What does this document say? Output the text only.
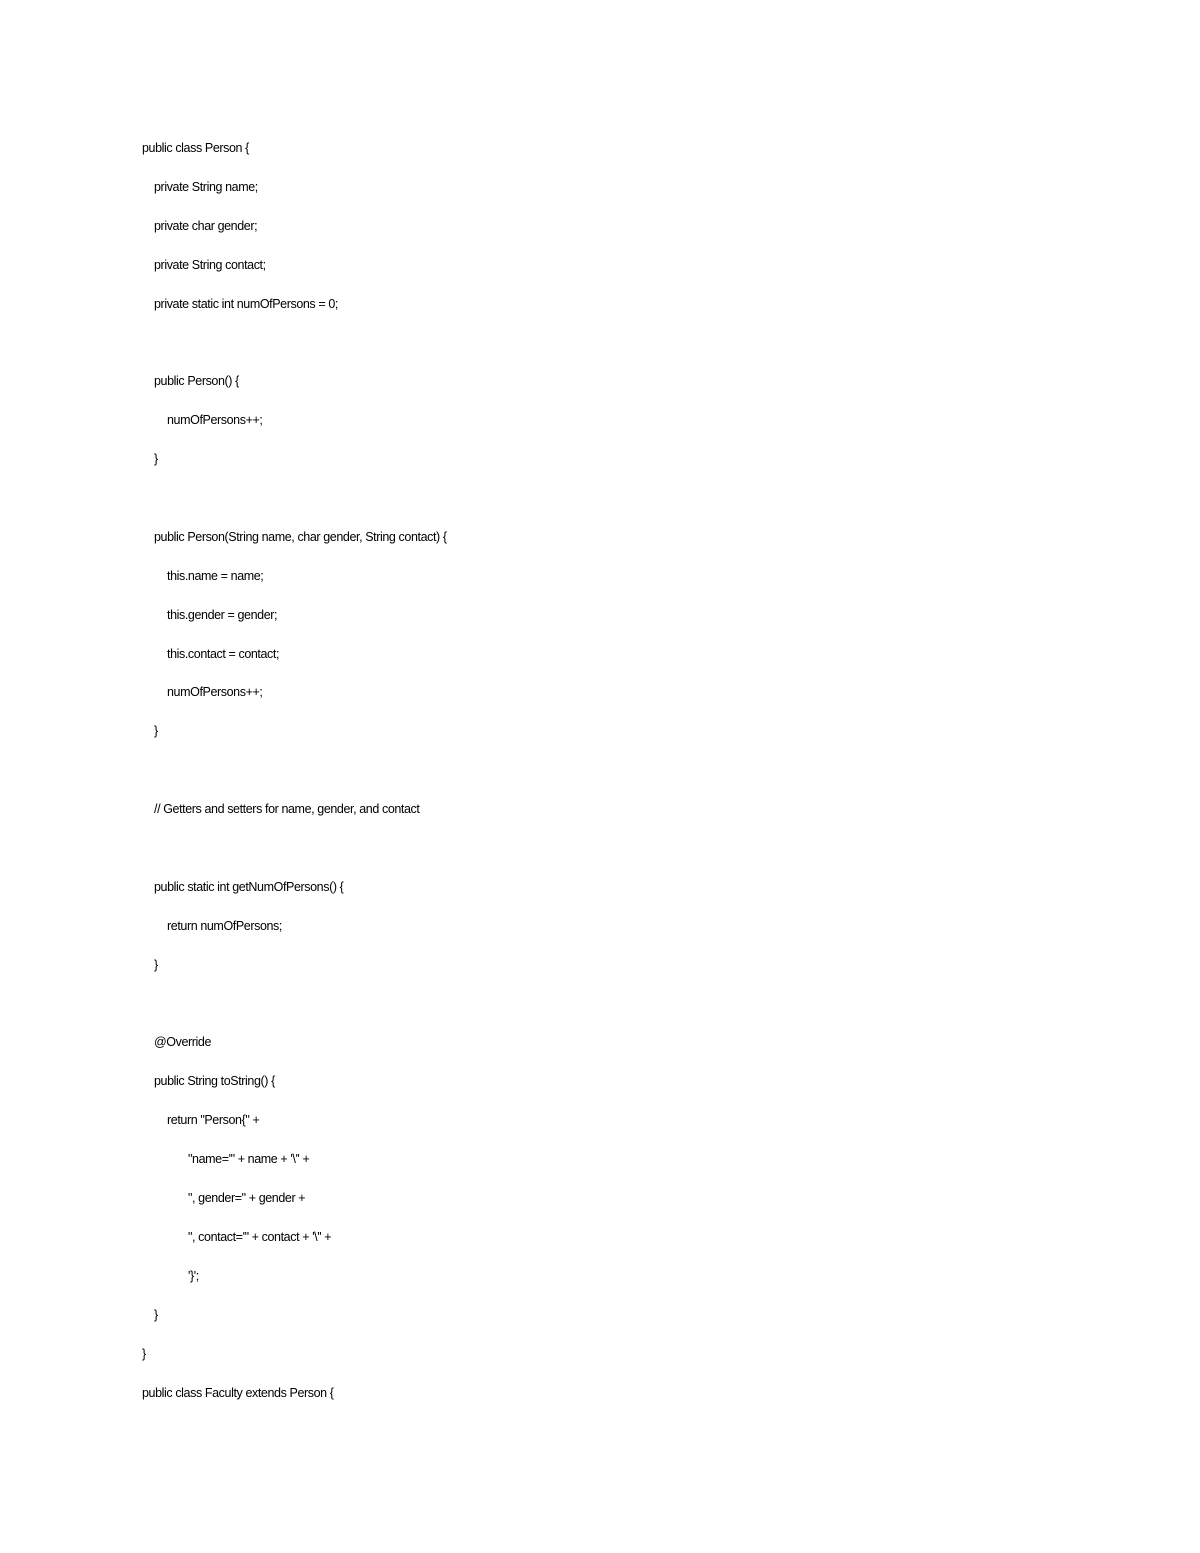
public class Person {
private String name;
private char gender;
private String contact;
private static int numOfPersons = 0;
public Person() {
numOfPersons++;
}
public Person(String name, char gender, String contact) {
this.name = name;
this.gender = gender;
this.contact = contact;
numOfPersons++;
}
// Getters and setters for name, gender, and contact
public static int getNumOfPersons() {
return numOfPersons;
}
@Override
public String toString() {
return "Person{" +
"name='" + name + '\'' +
", gender=" + gender +
", contact='" + contact + '\'' +
'}';
}
}
public class Faculty extends Person {
